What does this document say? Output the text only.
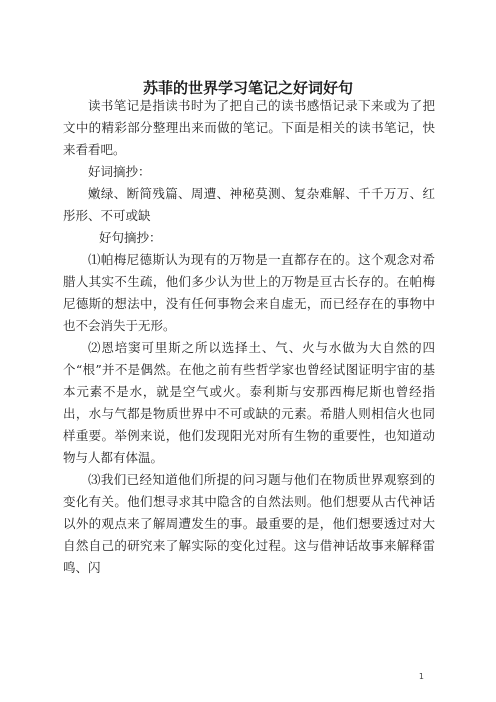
苏菲的世界学习笔记之好词好句

读书笔记是指读书时为了把自己的读书感悟记录下来或为了把文中的精彩部分整理出来而做的笔记。下面是相关的读书笔记，快来看看吧。

好词摘抄：

嫩绿、断简残篇、周遭、神秘莫测、复杂难解、千千万万、红彤形、不可或缺

好句摘抄：

⑴帕梅尼德斯认为现有的万物是一直都存在的。这个观念对希腊人其实不生疏，他们多少认为世上的万物是亘古长存的。在帕梅尼德斯的想法中，没有任何事物会来自虚无，而已经存在的事物中也不会消失于无形。

⑵恩培窦可里斯之所以选择土、气、火与水做为大自然的四个“根”并不是偶然。在他之前有些哲学家也曾经试图证明宇宙的基本元素不是水，就是空气或火。泰利斯与安那西梅尼斯也曾经指出，水与气都是物质世界中不可或缺的元素。希腊人则相信火也同样重要。举例来说，他们发现阳光对所有生物的重要性，也知道动物与人都有体温。

⑶我们已经知道他们所提的问习题与他们在物质世界观察到的变化有关。他们想寻求其中隐含的自然法则。他们想要从古代神话以外的观点来了解周遭发生的事。最重要的是，他们想要透过对大自然自己的研究来了解实际的变化过程。这与借神话故事来解释雷鸣、闪

1
